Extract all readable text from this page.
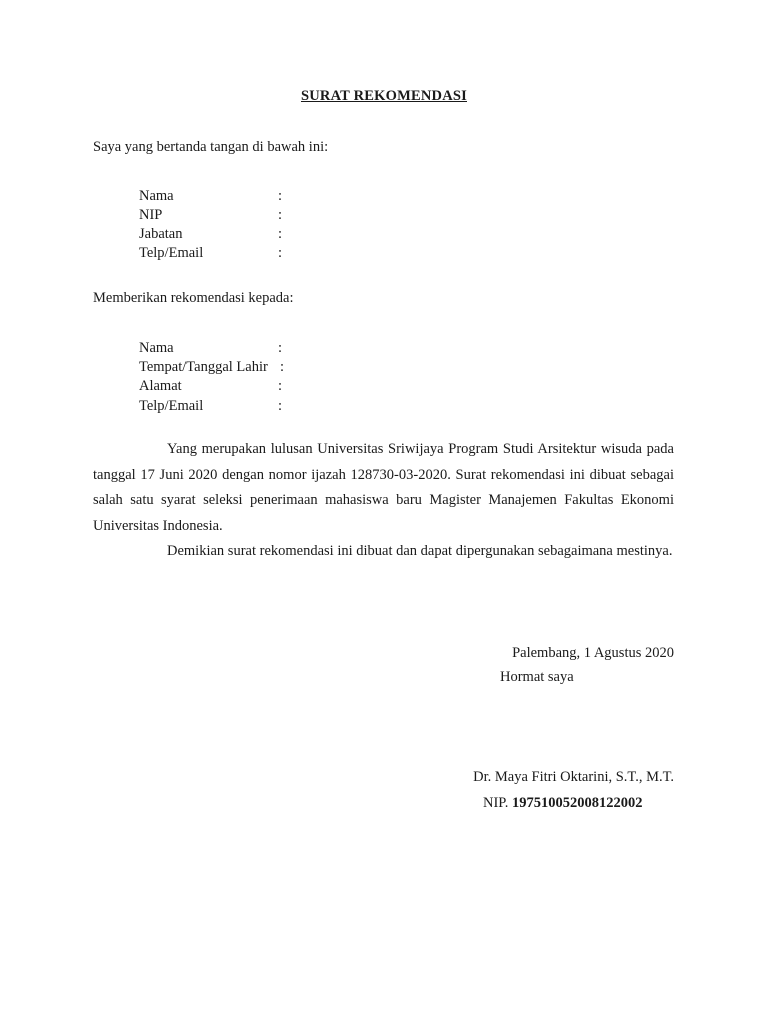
SURAT REKOMENDASI
Saya yang bertanda tangan di bawah ini:
Nama	:
NIP	:
Jabatan	:
Telp/Email	:
Memberikan rekomendasi kepada:
Nama	:
Tempat/Tanggal Lahir :
Alamat	:
Telp/Email	:

Yang merupakan lulusan Universitas Sriwijaya Program Studi Arsitektur wisuda pada tanggal 17 Juni 2020 dengan nomor ijazah 128730-03-2020. Surat rekomendasi ini dibuat sebagai salah satu syarat seleksi penerimaan mahasiswa baru Magister Manajemen Fakultas Ekonomi Universitas Indonesia.

Demikian surat rekomendasi ini dibuat dan dapat dipergunakan sebagaimana mestinya.

Palembang, 1 Agustus 2020
Hormat saya
Dr. Maya Fitri Oktarini, S.T., M.T.
NIP. 197510052008122002
